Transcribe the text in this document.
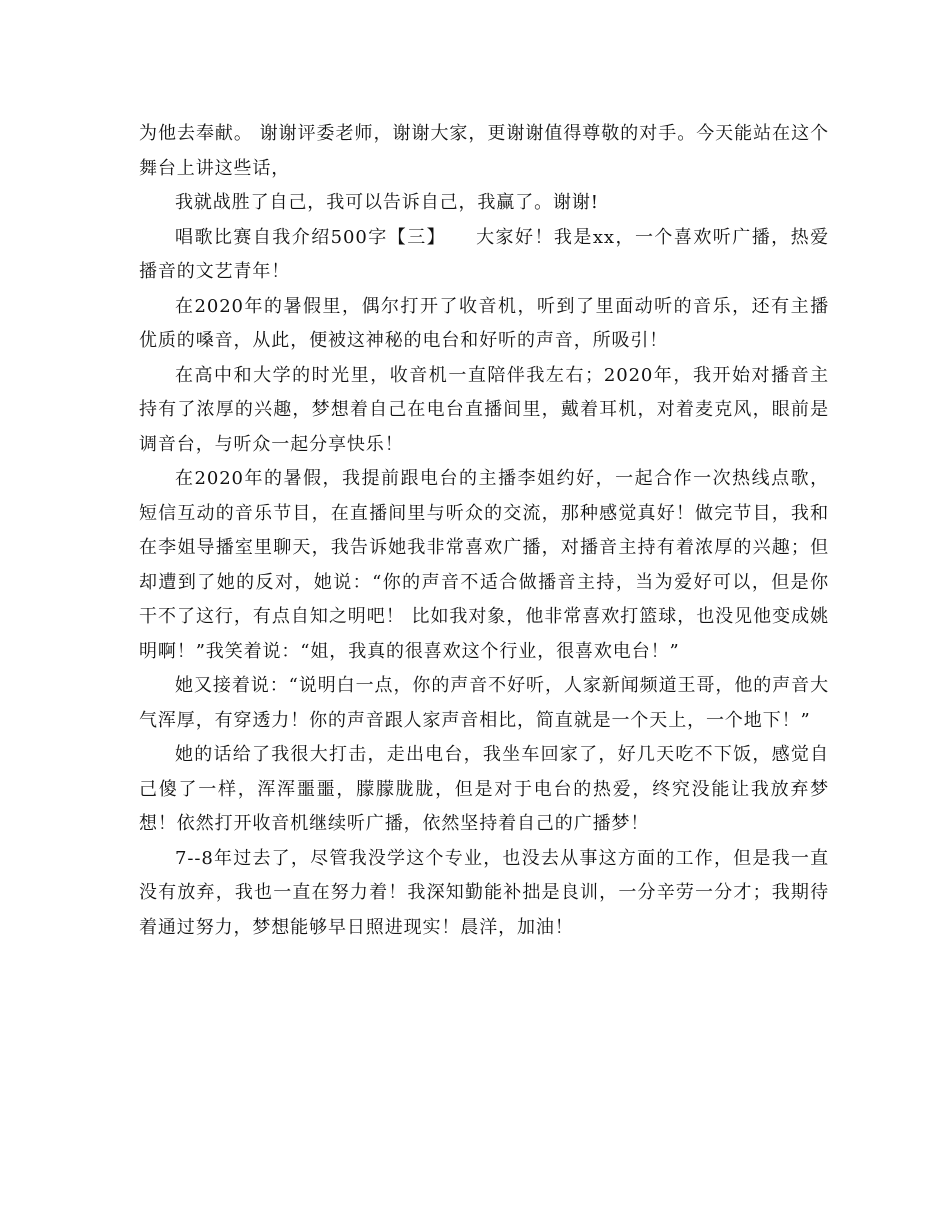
为他去奉献。 谢谢评委老师，谢谢大家，更谢谢值得尊敬的对手。今天能站在这个舞台上讲这些话，

我就战胜了自己，我可以告诉自己，我赢了。谢谢!

唱歌比赛自我介绍500字【三】　　大家好！我是xx，一个喜欢听广播，热爱播音的文艺青年！

在2020年的暑假里，偶尔打开了收音机，听到了里面动听的音乐，还有主播优质的嗓音，从此，便被这神秘的电台和好听的声音，所吸引！

在高中和大学的时光里，收音机一直陪伴我左右；2020年，我开始对播音主持有了浓厚的兴趣，梦想着自己在电台直播间里，戴着耳机，对着麦克风，眼前是调音台，与听众一起分享快乐！

在2020年的暑假，我提前跟电台的主播李姐约好，一起合作一次热线点歌，短信互动的音乐节目，在直播间里与听众的交流，那种感觉真好！做完节目，我和在李姐导播室里聊天，我告诉她我非常喜欢广播，对播音主持有着浓厚的兴趣；但却遭到了她的反对，她说：“你的声音不适合做播音主持，当为爱好可以，但是你干不了这行，有点自知之明吧！ 比如我对象，他非常喜欢打篮球，也没见他变成姚明啊！”我笑着说：“姐，我真的很喜欢这个行业，很喜欢电台！”

她又接着说：“说明白一点，你的声音不好听，人家新闻频道王哥，他的声音大气浑厚，有穿透力！你的声音跟人家声音相比，简直就是一个天上，一个地下！”

她的话给了我很大打击，走出电台，我坐车回家了，好几天吃不下饭，感觉自己傻了一样，浑浑噩噩，朦朦胧胧，但是对于电台的热爱，终究没能让我放弃梦想！依然打开收音机继续听广播，依然坚持着自己的广播梦！

7--8年过去了，尽管我没学这个专业，也没去从事这方面的工作，但是我一直没有放弃，我也一直在努力着！我深知勤能补拙是良训，一分辛劳一分才；我期待着通过努力，梦想能够早日照进现实！晨洋，加油！
